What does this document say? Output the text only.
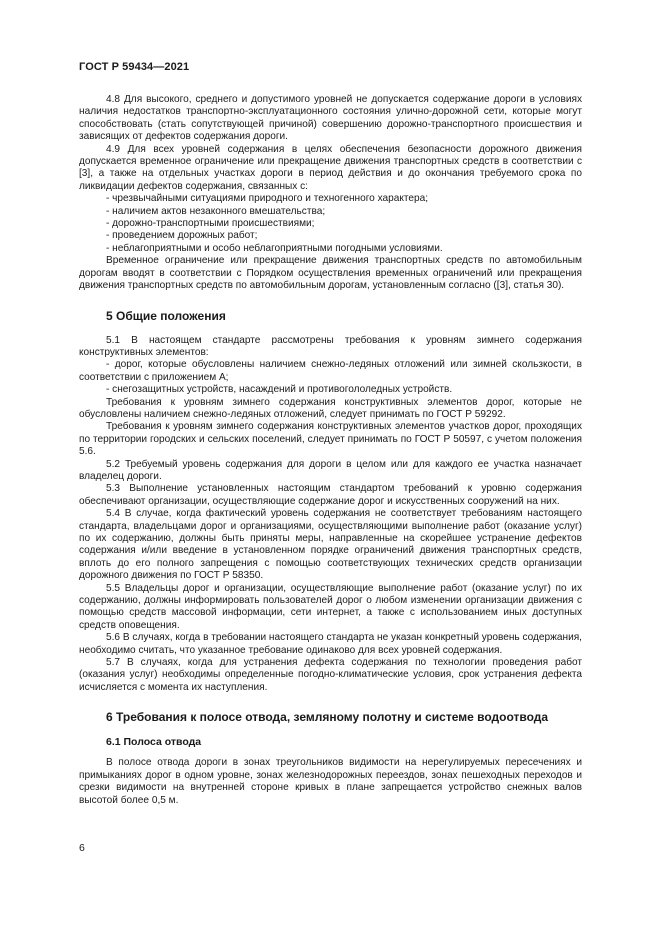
ГОСТ Р 59434—2021

4.8 Для высокого, среднего и допустимого уровней не допускается содержание дороги в условиях наличия недостатков транспортно-эксплуатационного состояния улично-дорожной сети, которые могут способствовать (стать сопутствующей причиной) совершению дорожно-транспортного происшествия и зависящих от дефектов содержания дороги.

4.9 Для всех уровней содержания в целях обеспечения безопасности дорожного движения допускается временное ограничение или прекращение движения транспортных средств в соответствии с [3], а также на отдельных участках дороги в период действия и до окончания требуемого срока по ликвидации дефектов содержания, связанных с:

- чрезвычайными ситуациями природного и техногенного характера;

- наличием актов незаконного вмешательства;

- дорожно-транспортными происшествиями;

- проведением дорожных работ;

- неблагоприятными и особо неблагоприятными погодными условиями.

Временное ограничение или прекращение движения транспортных средств по автомобильным дорогам вводят в соответствии с Порядком осуществления временных ограничений или прекращения движения транспортных средств по автомобильным дорогам, установленным согласно ([3], статья 30).

5 Общие положения

5.1 В настоящем стандарте рассмотрены требования к уровням зимнего содержания конструктивных элементов:

- дорог, которые обусловлены наличием снежно-ледяных отложений или зимней скользкости, в соответствии с приложением А;

- снегозащитных устройств, насаждений и противогололедных устройств.

Требования к уровням зимнего содержания конструктивных элементов дорог, которые не обусловлены наличием снежно-ледяных отложений, следует принимать по ГОСТ Р 59292.

Требования к уровням зимнего содержания конструктивных элементов участков дорог, проходящих по территории городских и сельских поселений, следует принимать по ГОСТ Р 50597, с учетом положения 5.6.

5.2 Требуемый уровень содержания для дороги в целом или для каждого ее участка назначает владелец дороги.

5.3 Выполнение установленных настоящим стандартом требований к уровню содержания обеспечивают организации, осуществляющие содержание дорог и искусственных сооружений на них.

5.4 В случае, когда фактический уровень содержания не соответствует требованиям настоящего стандарта, владельцами дорог и организациями, осуществляющими выполнение работ (оказание услуг) по их содержанию, должны быть приняты меры, направленные на скорейшее устранение дефектов содержания и/или введение в установленном порядке ограничений движения транспортных средств, вплоть до его полного запрещения с помощью соответствующих технических средств организации дорожного движения по ГОСТ Р 58350.

5.5 Владельцы дорог и организации, осуществляющие выполнение работ (оказание услуг) по их содержанию, должны информировать пользователей дорог о любом изменении организации движения с помощью средств массовой информации, сети интернет, а также с использованием иных доступных средств оповещения.

5.6 В случаях, когда в требовании настоящего стандарта не указан конкретный уровень содержания, необходимо считать, что указанное требование одинаково для всех уровней содержания.

5.7 В случаях, когда для устранения дефекта содержания по технологии проведения работ (оказания услуг) необходимы определенные погодно-климатические условия, срок устранения дефекта исчисляется с момента их наступления.

6 Требования к полосе отвода, земляному полотну и системе водоотвода
6.1 Полоса отвода

В полосе отвода дороги в зонах треугольников видимости на нерегулируемых пересечениях и примыканиях дорог в одном уровне, зонах железнодорожных переездов, зонах пешеходных переходов и срезки видимости на внутренней стороне кривых в плане запрещается устройство снежных валов высотой более 0,5 м.

6
